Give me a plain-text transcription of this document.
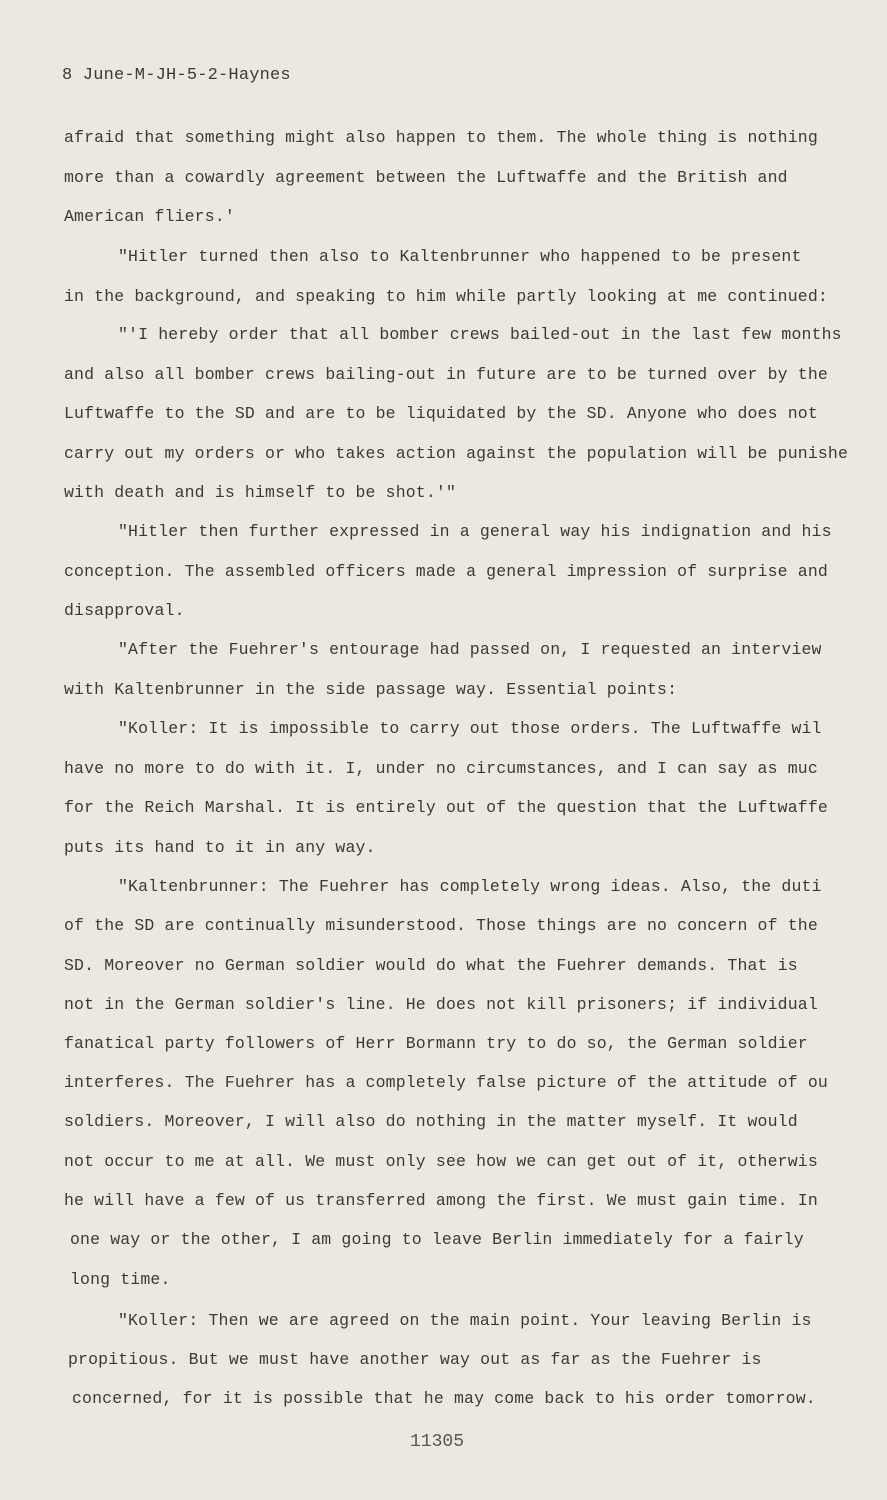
8 June-M-JH-5-2-Haynes
afraid that something might also happen to them. The whole thing is nothing
more than a cowardly agreement between the Luftwaffe and the British and
American fliers.'
"Hitler turned then also to Kaltenbrunner who happened to be present
in the background, and speaking to him while partly looking at me continued:
"'I hereby order that all bomber crews bailed-out in the last few months
and also all bomber crews bailing-out in future are to be turned over by the
Luftwaffe to the SD and are to be liquidated by the SD. Anyone who does not
carry out my orders or who takes action against the population will be punishe
with death and is himself to be shot.'"
"Hitler then further expressed in a general way his indignation and his
conception. The assembled officers made a general impression of surprise and
disapproval.
"After the Fuehrer's entourage had passed on, I requested an interview
with Kaltenbrunner in the side passage way. Essential points:
"Koller: It is impossible to carry out those orders. The Luftwaffe wil
have no more to do with it. I, under no circumstances, and I can say as muc
for the Reich Marshal. It is entirely out of the question that the Luftwaffe
puts its hand to it in any way.
"Kaltenbrunner: The Fuehrer has completely wrong ideas. Also, the duti
of the SD are continually misunderstood. Those things are no concern of the
SD. Moreover no German soldier would do what the Fuehrer demands. That is
not in the German soldier's line. He does not kill prisoners; if individual
fanatical party followers of Herr Bormann try to do so, the German soldier
interferes. The Fuehrer has a completely false picture of the attitude of ou
soldiers. Moreover, I will also do nothing in the matter myself. It would
not occur to me at all. We must only see how we can get out of it, otherwis
he will have a few of us transferred among the first. We must gain time. In
one way or the other, I am going to leave Berlin immediately for a fairly
long time.
"Koller: Then we are agreed on the main point. Your leaving Berlin is
propitious. But we must have another way out as far as the Fuehrer is
concerned, for it is possible that he may come back to his order tomorrow.
11305
